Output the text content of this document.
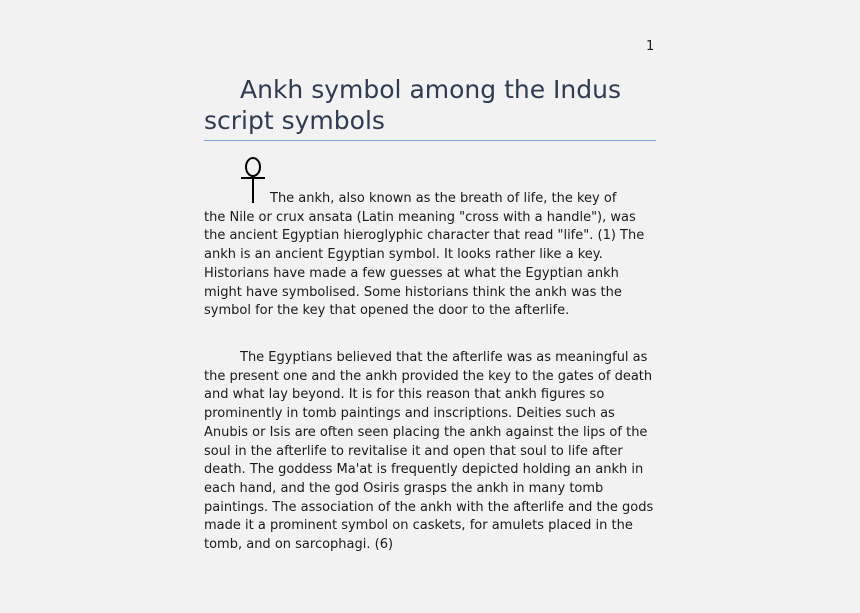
1
Ankh symbol among the Indus script symbols

The ankh, also known as the breath of life, the key of
the Nile or crux ansata (Latin meaning "cross with a handle"), was the ancient Egyptian hieroglyphic character that read "life". (1) The ankh is an ancient Egyptian symbol. It looks rather like a key. Historians have made a few guesses at what the Egyptian ankh might have symbolised. Some historians think the ankh was the symbol for the key that opened the door to the afterlife.

The Egyptians believed that the afterlife was as meaningful as the present one and the ankh provided the key to the gates of death and what lay beyond. It is for this reason that ankh figures so prominently in tomb paintings and inscriptions. Deities such as Anubis or Isis are often seen placing the ankh against the lips of the soul in the afterlife to revitalise it and open that soul to life after death. The goddess Ma'at is frequently depicted holding an ankh in each hand, and the god Osiris grasps the ankh in many tomb paintings. The association of the ankh with the afterlife and the gods made it a prominent symbol on caskets, for amulets placed in the tomb, and on sarcophagi. (6)
